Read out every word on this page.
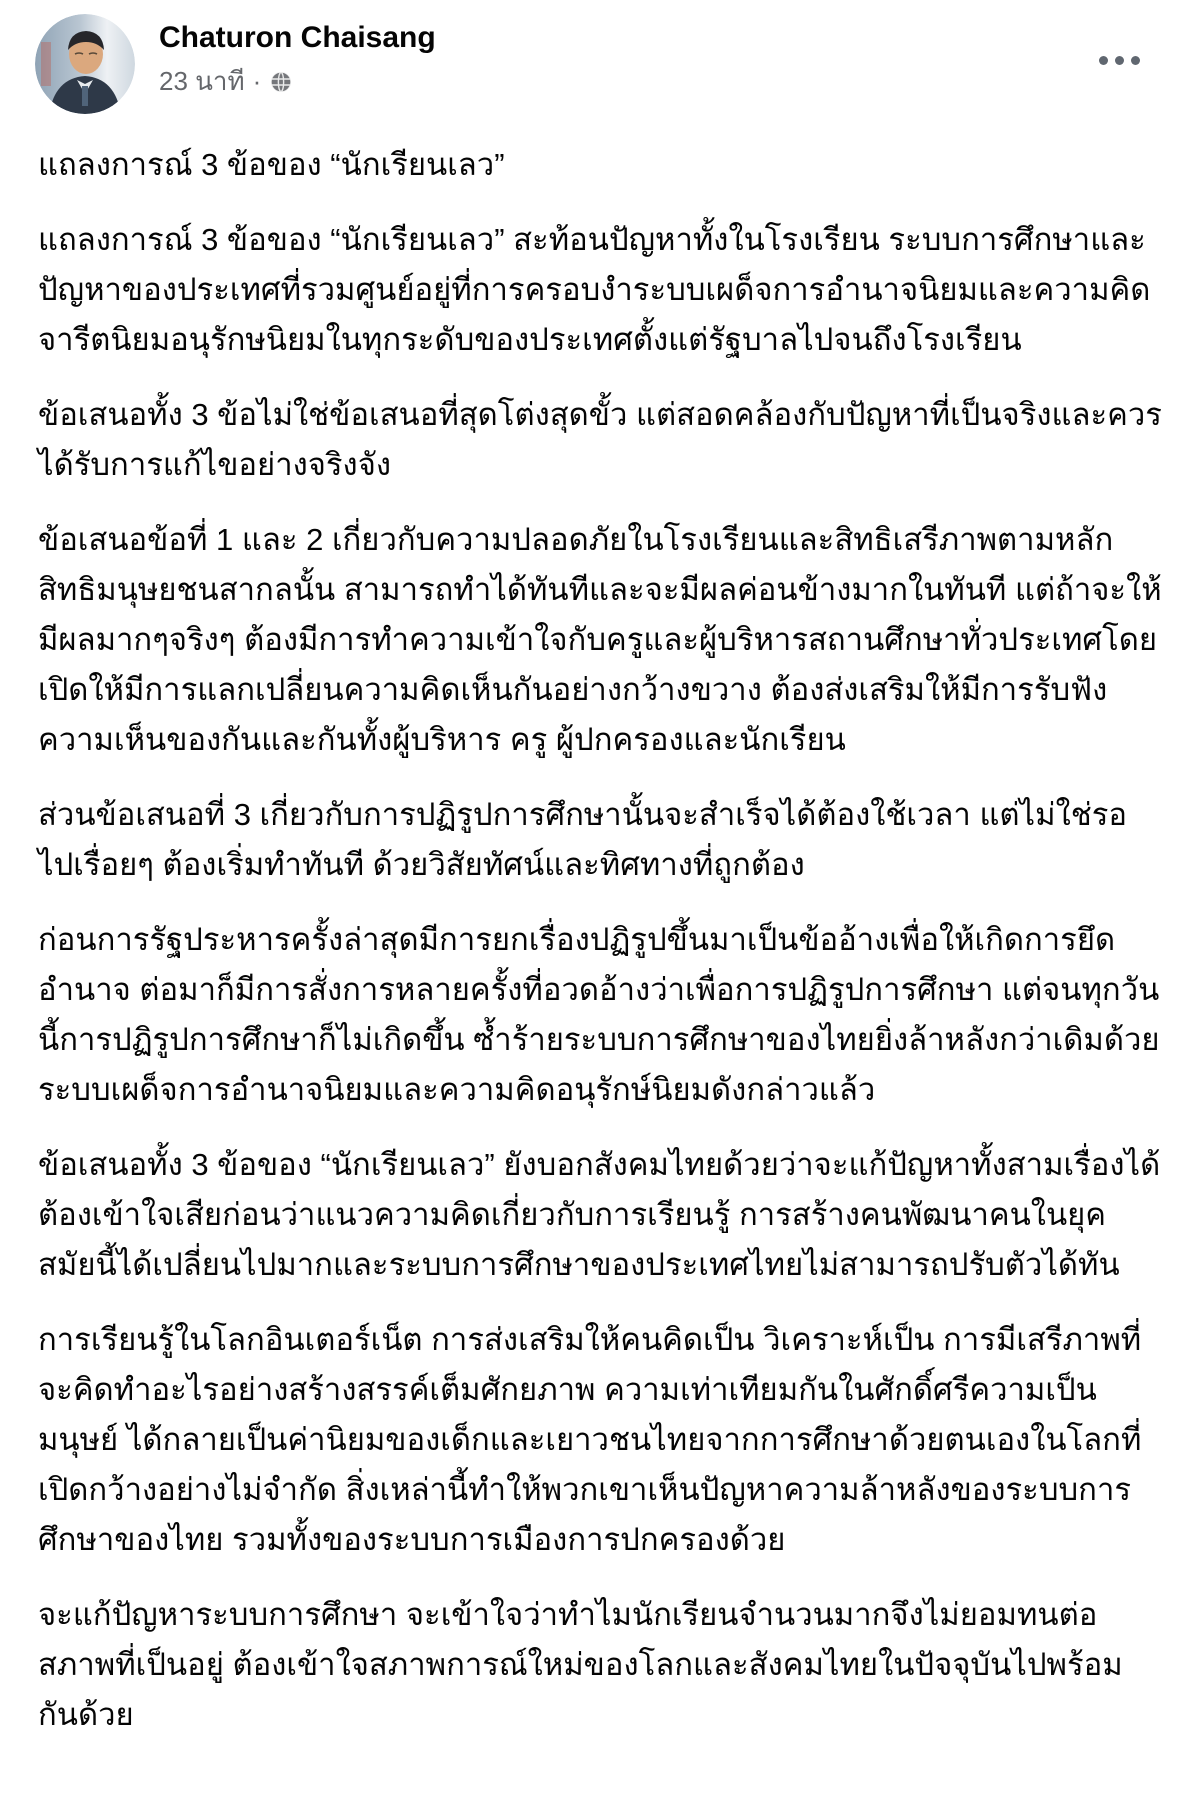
Chaturon Chaisang
23 นาที ·

แถลงการณ์ 3 ข้อของ “นักเรียนเลว”

แถลงการณ์ 3 ข้อของ “นักเรียนเลว” สะท้อนปัญหาทั้งในโรงเรียน ระบบการศึกษาและปัญหาของประเทศที่รวมศูนย์อยู่ที่การครอบงำระบบเผด็จการอำนาจนิยมและความคิดจารีตนิยมอนุรักษนิยมในทุกระดับของประเทศตั้งแต่รัฐบาลไปจนถึงโรงเรียน

ข้อเสนอทั้ง 3 ข้อไม่ใช่ข้อเสนอที่สุดโต่งสุดขั้ว แต่สอดคล้องกับปัญหาที่เป็นจริงและควรได้รับการแก้ไขอย่างจริงจัง

ข้อเสนอข้อที่ 1 และ 2 เกี่ยวกับความปลอดภัยในโรงเรียนและสิทธิเสรีภาพตามหลักสิทธิมนุษยชนสากลนั้น สามารถทำได้ทันทีและจะมีผลค่อนข้างมากในทันที แต่ถ้าจะให้มีผลมากๆจริงๆ ต้องมีการทำความเข้าใจกับครูและผู้บริหารสถานศึกษาทั่วประเทศโดยเปิดให้มีการแลกเปลี่ยนความคิดเห็นกันอย่างกว้างขวาง ต้องส่งเสริมให้มีการรับฟังความเห็นของกันและกันทั้งผู้บริหาร ครู ผู้ปกครองและนักเรียน

ส่วนข้อเสนอที่ 3 เกี่ยวกับการปฏิรูปการศึกษานั้นจะสำเร็จได้ต้องใช้เวลา แต่ไม่ใช่รอไปเรื่อยๆ ต้องเริ่มทำทันที ด้วยวิสัยทัศน์และทิศทางที่ถูกต้อง

ก่อนการรัฐประหารครั้งล่าสุดมีการยกเรื่องปฏิรูปขึ้นมาเป็นข้ออ้างเพื่อให้เกิดการยึดอำนาจ ต่อมาก็มีการสั่งการหลายครั้งที่อวดอ้างว่าเพื่อการปฏิรูปการศึกษา แต่จนทุกวันนี้การปฏิรูปการศึกษาก็ไม่เกิดขึ้น ซ้ำร้ายระบบการศึกษาของไทยยิ่งล้าหลังกว่าเดิมด้วยระบบเผด็จการอำนาจนิยมและความคิดอนุรักษ์นิยมดังกล่าวแล้ว

ข้อเสนอทั้ง 3 ข้อของ “นักเรียนเลว” ยังบอกสังคมไทยด้วยว่าจะแก้ปัญหาทั้งสามเรื่องได้ต้องเข้าใจเสียก่อนว่าแนวความคิดเกี่ยวกับการเรียนรู้ การสร้างคนพัฒนาคนในยุคสมัยนี้ได้เปลี่ยนไปมากและระบบการศึกษาของประเทศไทยไม่สามารถปรับตัวได้ทัน

การเรียนรู้ในโลกอินเตอร์เน็ต การส่งเสริมให้คนคิดเป็น วิเคราะห์เป็น การมีเสรีภาพที่จะคิดทำอะไรอย่างสร้างสรรค์เต็มศักยภาพ ความเท่าเทียมกันในศักดิ์ศรีความเป็นมนุษย์ ได้กลายเป็นค่านิยมของเด็กและเยาวชนไทยจากการศึกษาด้วยตนเองในโลกที่เปิดกว้างอย่างไม่จำกัด สิ่งเหล่านี้ทำให้พวกเขาเห็นปัญหาความล้าหลังของระบบการศึกษาของไทย รวมทั้งของระบบการเมืองการปกครองด้วย

จะแก้ปัญหาระบบการศึกษา จะเข้าใจว่าทำไมนักเรียนจำนวนมากจึงไม่ยอมทนต่อสภาพที่เป็นอยู่ ต้องเข้าใจสภาพการณ์ใหม่ของโลกและสังคมไทยในปัจจุบันไปพร้อมกันด้วย
